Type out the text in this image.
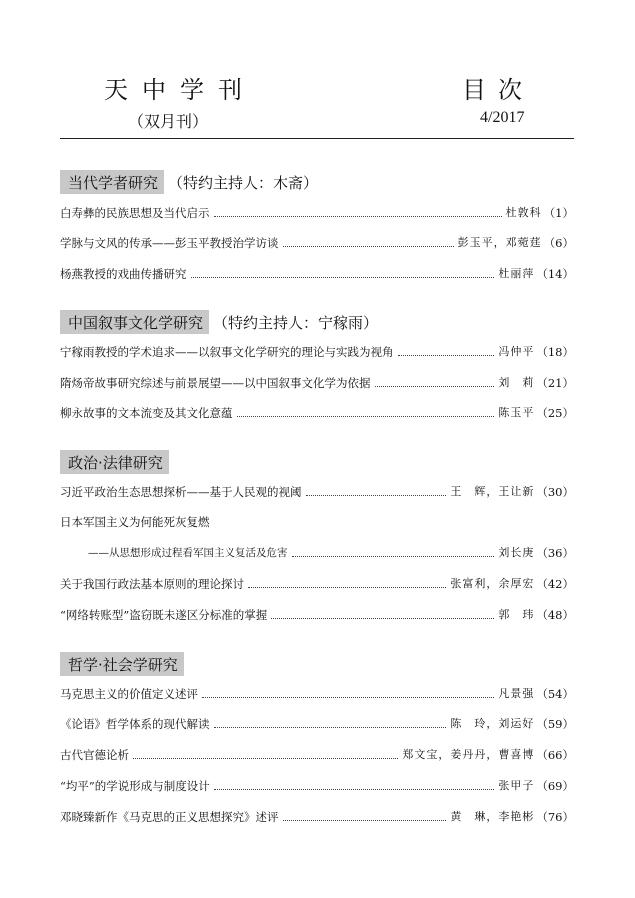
天中学刊
（双月刊）
目次
4/2017
当代学者研究 （特约主持人：木斋）
白寿彝的民族思想及当代启示	杜敦科 （1）
学脉与文风的传承——彭玉平教授治学访谈	彭玉平，邓菀莛 （6）
杨燕教授的戏曲传播研究	杜丽萍 （14）
中国叙事文化学研究 （特约主持人：宁稼雨）
宁稼雨教授的学术追求——以叙事文化学研究的理论与实践为视角	冯仲平 （18）
隋炀帝故事研究综述与前景展望——以中国叙事文化学为依据	刘　莉 （21）
柳永故事的文本流变及其文化意蕴	陈玉平 （25）
政治·法律研究
习近平政治生态思想探析——基于人民观的视阈	王　辉，王让新 （30）
日本军国主义为何能死灰复燃
——从思想形成过程看军国主义复活及危害	刘长庚 （36）
关于我国行政法基本原则的理论探讨	张富利，余厚宏 （42）
“网络转账型”盗窃既未遂区分标准的掌握	郭　玮 （48）
哲学·社会学研究
马克思主义的价值定义述评	凡景强 （54）
《论语》哲学体系的现代解读	陈　玲，刘运好 （59）
古代官德论析	郑文宝，姜丹丹，曹喜博 （66）
“均平”的学说形成与制度设计	张甲子 （69）
邓晓臻新作《马克思的正义思想探究》述评	黄　琳，李艳彬 （76）
